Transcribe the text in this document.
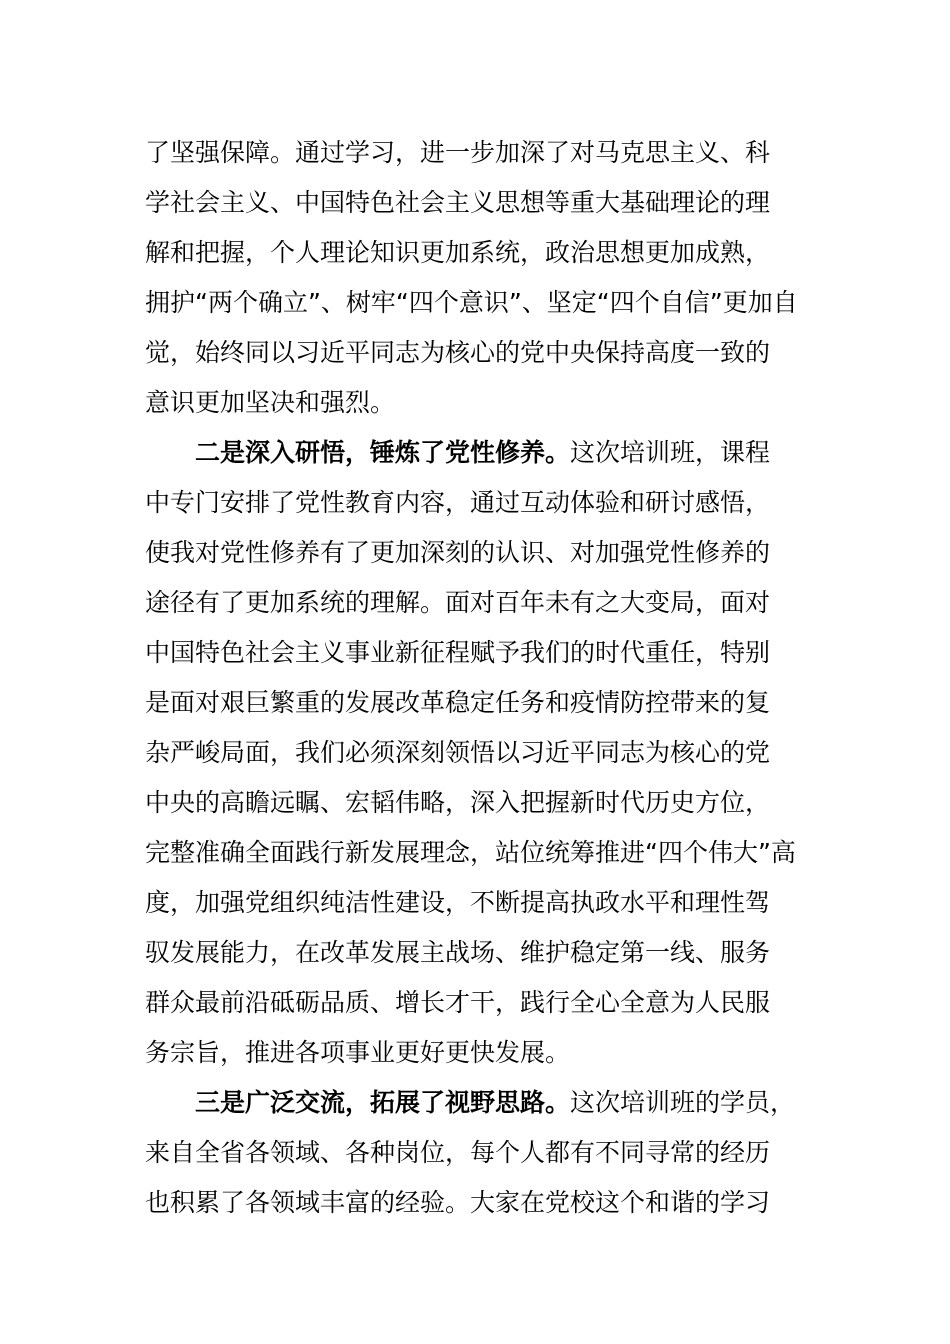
了坚强保障。通过学习，进一步加深了对马克思主义、科
学社会主义、中国特色社会主义思想等重大基础理论的理
解和把握，个人理论知识更加系统，政治思想更加成熟，
拥护“两个确立”、树牢“四个意识”、坚定“四个自信”更加自
觉，始终同以习近平同志为核心的党中央保持高度一致的
意识更加坚决和强烈。
二是深入研悟，锤炼了党性修养。这次培训班，课程
中专门安排了党性教育内容，通过互动体验和研讨感悟，
使我对党性修养有了更加深刻的认识、对加强党性修养的
途径有了更加系统的理解。面对百年未有之大变局，面对
中国特色社会主义事业新征程赋予我们的时代重任，特别
是面对艰巨繁重的发展改革稳定任务和疫情防控带来的复
杂严峻局面，我们必须深刻领悟以习近平同志为核心的党
中央的高瞻远瞩、宏韬伟略，深入把握新时代历史方位，
完整准确全面践行新发展理念，站位统筹推进“四个伟大”高
度，加强党组织纯洁性建设，不断提高执政水平和理性驾
驭发展能力，在改革发展主战场、维护稳定第一线、服务
群众最前沿砥砺品质、增长才干，践行全心全意为人民服
务宗旨，推进各项事业更好更快发展。
三是广泛交流，拓展了视野思路。这次培训班的学员，
来自全省各领域、各种岗位，每个人都有不同寻常的经历
也积累了各领域丰富的经验。大家在党校这个和谐的学习
